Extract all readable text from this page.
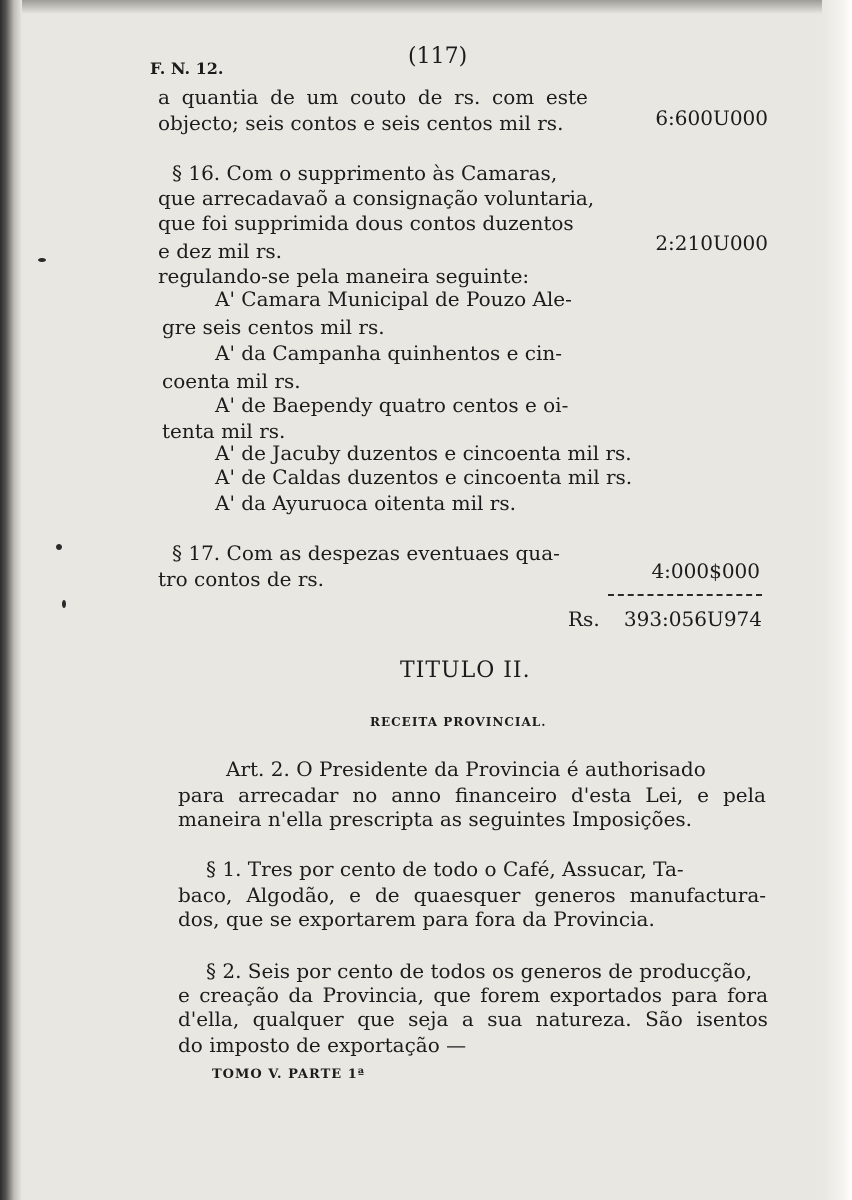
F. N. 12.	(117)
a quantia de um couto de rs. com este
objecto; seis contos e seis centos mil rs.	6:600U000
§ 16. Com o supprimento às Camaras,
que arrecadavaõ a consignação voluntaria,
que foi supprimida dous contos duzentos
e dez mil rs.	2:210U000
regulando-se pela maneira seguinte:
A' Camara Municipal de Pouzo Ale-
gre seis centos mil rs.
A' da Campanha quinhentos e cin-
coenta mil rs.
A' de Baependy quatro centos e oi-
tenta mil rs.
A' de Jacuby duzentos e cincoenta mil rs.
A' de Caldas duzentos e cincoenta mil rs.
A' da Ayuruoca oitenta mil rs.
§ 17. Com as despezas eventuaes qua-
tro contos de rs.	4:000$000
Rs.	393:056U974
TITULO II.
RECEITA PROVINCIAL.
Art. 2. O Presidente da Provincia é authorisado
para arrecadar no anno financeiro d'esta Lei, e pela
maneira n'ella prescripta as seguintes Imposições.
§ 1. Tres por cento de todo o Café, Assucar, Ta-
baco, Algodão, e de quaesquer generos manufactura-
dos, que se exportarem para fora da Provincia.
§ 2. Seis por cento de todos os generos de producção,
e creação da Provincia, que forem exportados para fora
d'ella, qualquer que seja a sua natureza. São isentos
do imposto de exportação —
TOMO V. PARTE 1ª
